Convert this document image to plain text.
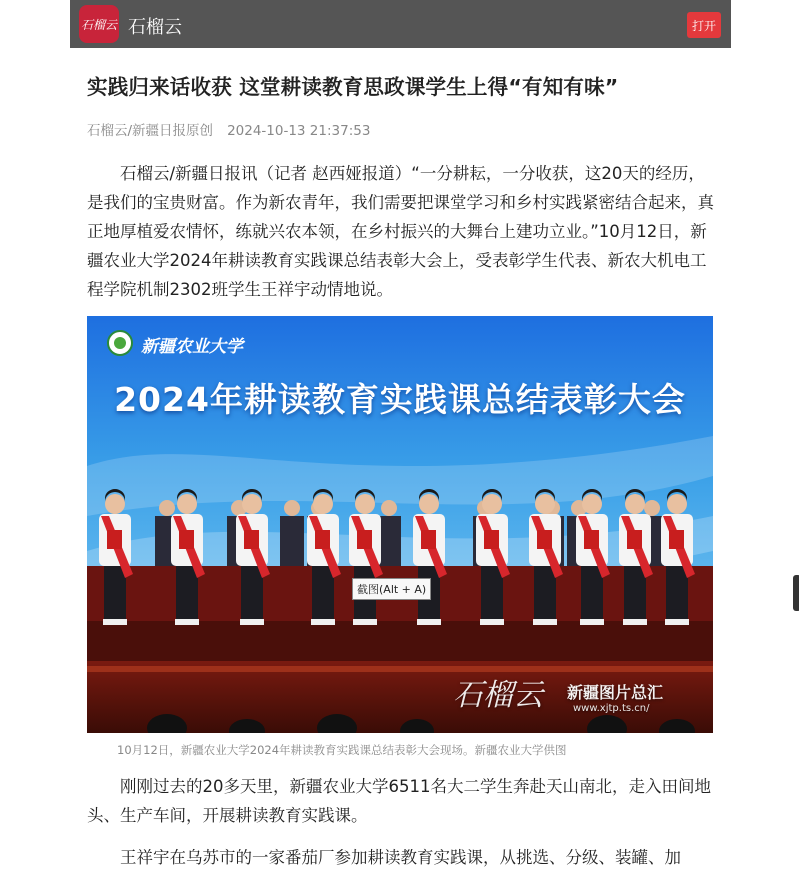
石榴云 石榴云	打开
实践归来话收获 这堂耕读教育思政课学生上得“有知有味”
石榴云/新疆日报原创 2024-10-13 21:37:53

石榴云/新疆日报讯（记者 赵西娅报道）“一分耕耘，一分收获，这20天的经历，是我们的宝贵财富。作为新农青年，我们需要把课堂学习和乡村实践紧密结合起来，真正地厚植爱农情怀，练就兴农本领，在乡村振兴的大舞台上建功立业。”10月12日，新疆农业大学2024年耕读教育实践课总结表彰大会上，受表彰学生代表、新农大机电工程学院机制2302班学生王祥宇动情地说。

新疆农业大学
2024年耕读教育实践课总结表彰大会
截图(Alt + A)
石榴云 新疆图片总汇
www.xjtp.ts.cn/
10月12日，新疆农业大学2024年耕读教育实践课总结表彰大会现场。新疆农业大学供图

刚刚过去的20多天里，新疆农业大学6511名大二学生奔赴天山南北，走入田间地头、生产车间，开展耕读教育实践课。

王祥宇在乌苏市的一家番茄厂参加耕读教育实践课，从挑选、分级、装罐、加
